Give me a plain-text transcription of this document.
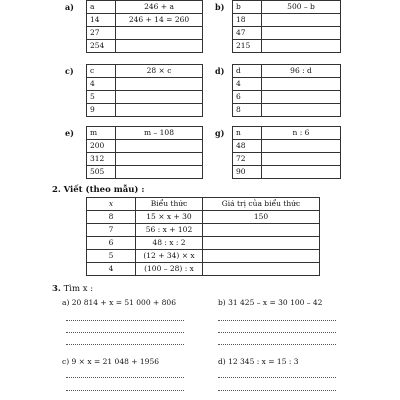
a) a	246 + a
14	246 + 14 = 260
27	
254	
b) b	500 – b
18	
47	
215	
c) c	28 × c
4	
5	
9	
d) d	96 : d
4	
6	
8	
e) m	m – 108
200	
312	
505	
g) n	n : 6
48	
72	
90	
2. Viết (theo mẫu) :
x	Biểu thức	Giá trị của biểu thức
8	15 × x + 30	150
7	56 : x + 102	
6	48 : x : 2	
5	(12 + 34) × x	
4	(100 – 28) : x	
3. Tìm x :
a) 20 814 + x = 51 000 + 806	b) 31 425 – x = 30 100 – 42
c) 9 × x = 21 048 + 1956	d) 12 345 : x = 15 : 3
